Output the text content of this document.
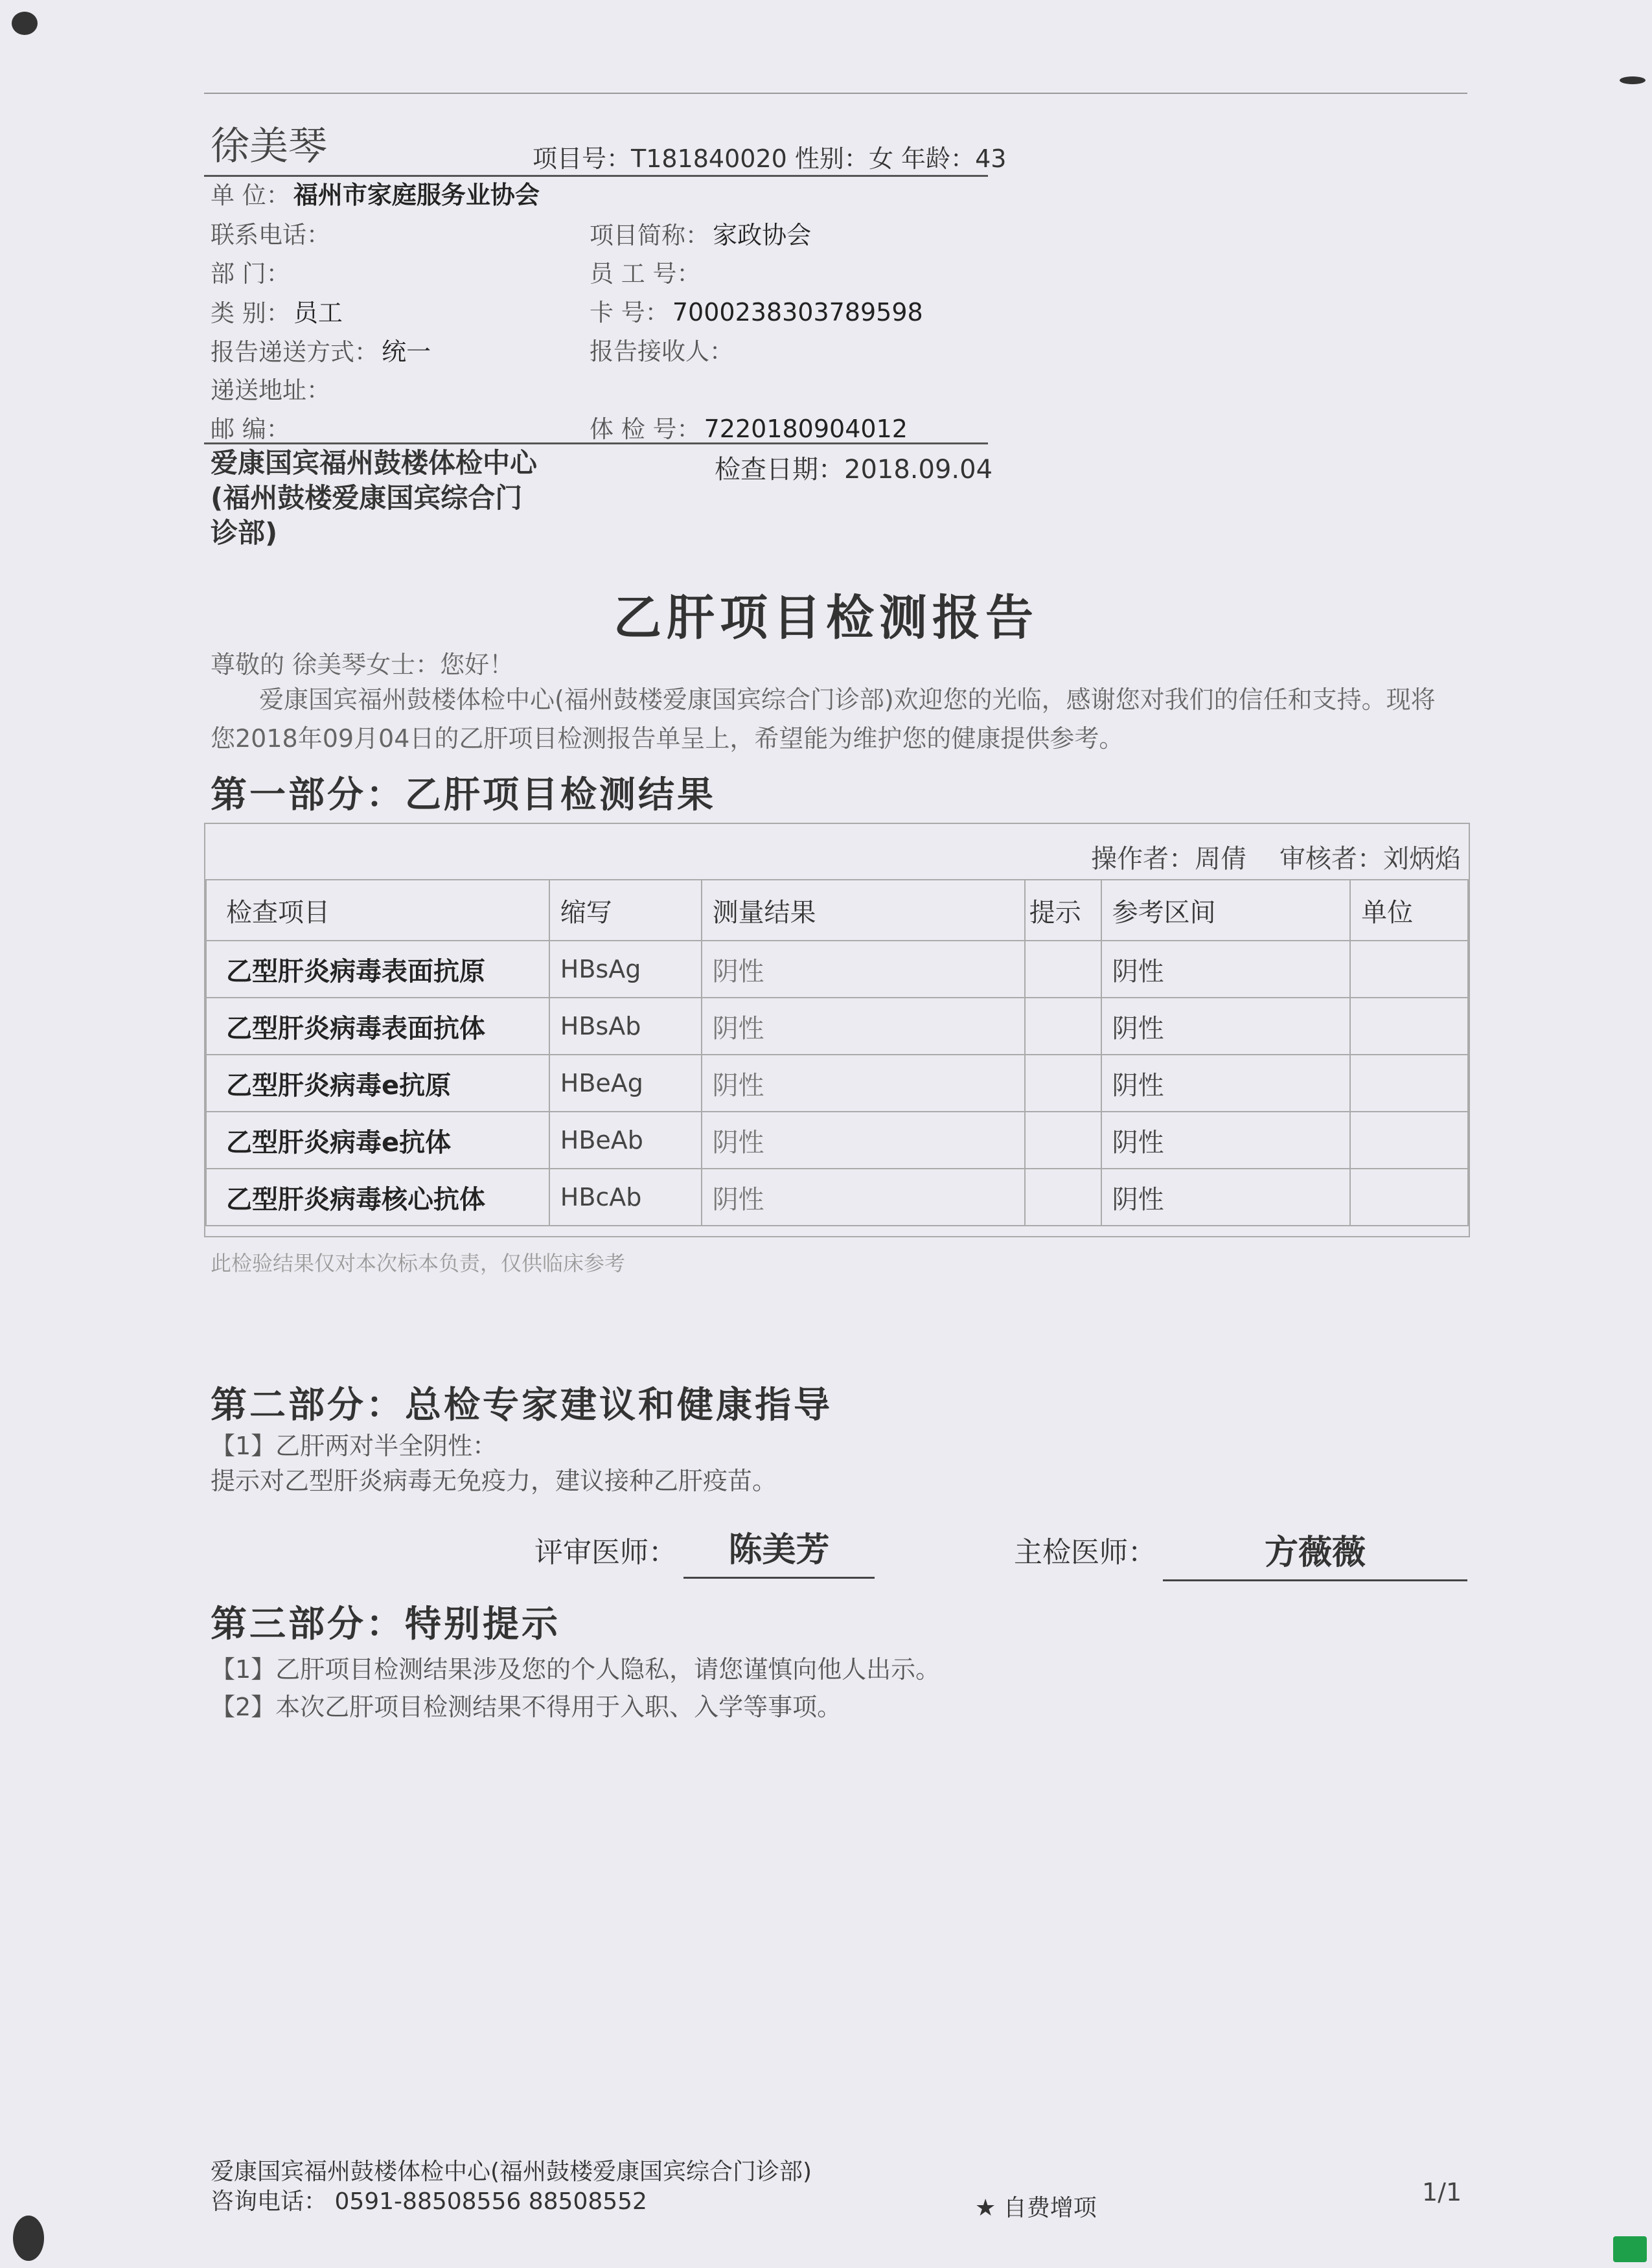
徐美琴	项目号：T181840020 性别：女 年龄：43
单 位： 福州市家庭服务业协会
联系电话：	项目简称： 家政协会
部 门：	员 工 号：
类 别： 员工	卡 号： 7000238303789598
报告递送方式： 统一	报告接收人：
递送地址：
邮 编：	体 检 号： 7220180904012
爱康国宾福州鼓楼体检中心
(福州鼓楼爱康国宾综合门
诊部)
检查日期：2018.09.04
乙肝项目检测报告
尊敬的 徐美琴女士：您好！
爱康国宾福州鼓楼体检中心(福州鼓楼爱康国宾综合门诊部)欢迎您的光临，感谢您对我们的信任和支持。现将您2018年09月04日的乙肝项目检测报告单呈上，希望能为维护您的健康提供参考。
第一部分：乙肝项目检测结果
操作者：周倩 审核者：刘炳焰
检查项目	缩写	测量结果	提示	参考区间	单位
乙型肝炎病毒表面抗原	HBsAg	阴性		阴性	
乙型肝炎病毒表面抗体	HBsAb	阴性		阴性	
乙型肝炎病毒e抗原	HBeAg	阴性		阴性	
乙型肝炎病毒e抗体	HBeAb	阴性		阴性	
乙型肝炎病毒核心抗体	HBcAb	阴性		阴性	
此检验结果仅对本次标本负责，仅供临床参考
第二部分：总检专家建议和健康指导
【1】乙肝两对半全阴性：
提示对乙型肝炎病毒无免疫力，建议接种乙肝疫苗。
评审医师：	陈美芳	主检医师：	方薇薇
第三部分：特别提示
【1】乙肝项目检测结果涉及您的个人隐私，请您谨慎向他人出示。
【2】本次乙肝项目检测结果不得用于入职、入学等事项。
爱康国宾福州鼓楼体检中心(福州鼓楼爱康国宾综合门诊部)
咨询电话： 0591-88508556 88508552	★ 自费增项
1/1
